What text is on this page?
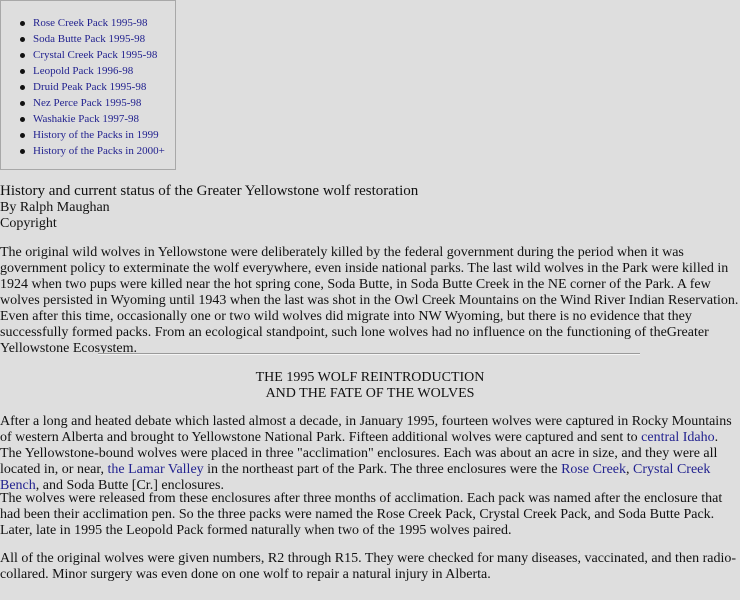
Rose Creek Pack 1995-98
Soda Butte Pack 1995-98
Crystal Creek Pack 1995-98
Leopold Pack 1996-98
Druid Peak Pack 1995-98
Nez Perce Pack 1995-98
Washakie Pack 1997-98
History of the Packs in 1999
History of the Packs in 2000+
History and current status of the Greater Yellowstone wolf restoration
By Ralph Maughan
Copyright

The original wild wolves in Yellowstone were deliberately killed by the federal government during the period when it was government policy to exterminate the wolf everywhere, even inside national parks. The last wild wolves in the Park were killed in 1924 when two pups were killed near the hot spring cone, Soda Butte, in Soda Butte Creek in the NE corner of the Park. A few wolves persisted in Wyoming until 1943 when the last was shot in the Owl Creek Mountains on the Wind River Indian Reservation. Even after this time, occasionally one or two wild wolves did migrate into NW Wyoming, but there is no evidence that they successfully formed packs. From an ecological standpoint, such lone wolves had no influence on the functioning of theGreater Yellowstone Ecosystem.

THE 1995 WOLF REINTRODUCTION
AND THE FATE OF THE WOLVES

After a long and heated debate which lasted almost a decade, in January 1995, fourteen wolves were captured in Rocky Mountains of western Alberta and brought to Yellowstone National Park. Fifteen additional wolves were captured and sent to central Idaho. The Yellowstone-bound wolves were placed in three "acclimation" enclosures. Each was about an acre in size, and they were all located in, or near, the Lamar Valley in the northeast part of the Park. The three enclosures were the Rose Creek, Crystal Creek Bench, and Soda Butte [Cr.] enclosures.

The wolves were released from these enclosures after three months of acclimation. Each pack was named after the enclosure that had been their acclimation pen. So the three packs were named the Rose Creek Pack, Crystal Creek Pack, and Soda Butte Pack. Later, late in 1995 the Leopold Pack formed naturally when two of the 1995 wolves paired.

All of the original wolves were given numbers, R2 through R15. They were checked for many diseases, vaccinated, and then radio-collared. Minor surgery was even done on one wolf to repair a natural injury in Alberta.
